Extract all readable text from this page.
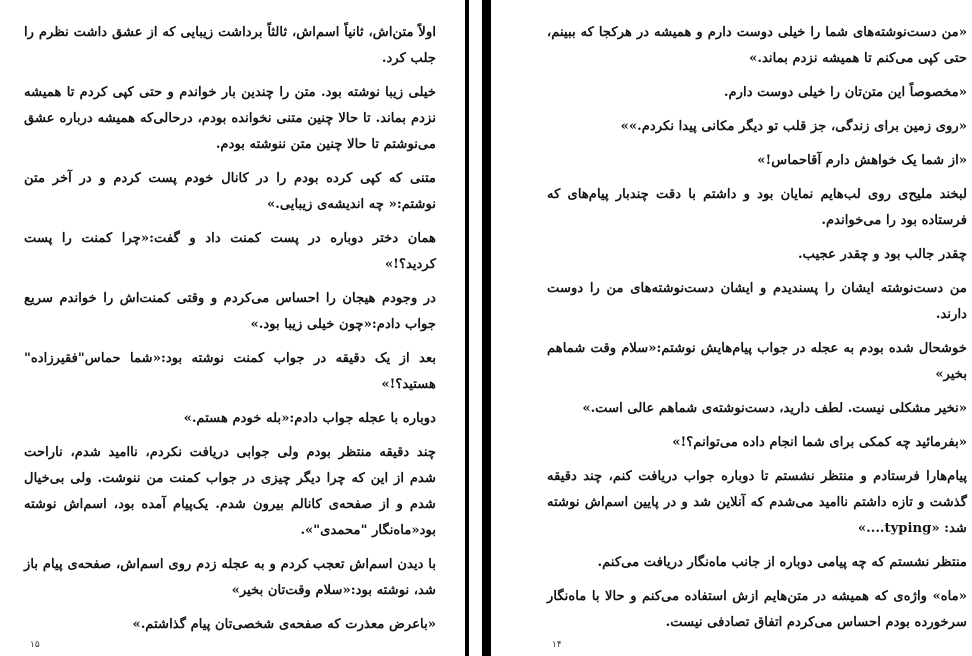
اولاً متن‌اش، ثانیاً اسم‌اش، ثالثاً برداشت زیبایی که از عشق داشت نظرم را جلب کرد.

خیلی زیبا نوشته بود. متن را چندین بار خواندم و حتی کپی کردم تا همیشه نزدم بماند. تا حالا چنین متنی نخوانده بودم، درحالی‌که همیشه درباره عشق می‌نوشتم تا حالا چنین متن ننوشته بودم.

متنی که کپی کرده بودم را در کانال خودم پست کردم و در آخر متن نوشتم:« چه اندیشه‌ی زیبایی.»

همان دختر دوباره در پست کمنت داد و گفت:«چرا کمنت را پست کردید؟!»

در وجودم هیجان را احساس می‌کردم و وقتی کمنت‌اش را خواندم سریع جواب دادم:«چون خیلی زیبا بود.»

بعد از یک دقیقه در جواب کمنت نوشته بود:«شما حماس"فقیرزاده" هستید؟!»

دوباره با عجله جواب دادم:«بله خودم هستم.»

چند دقیقه منتظر بودم ولی جوابی دریافت نکردم، ناامید شدم، ناراحت شدم از این که چرا دیگر چیزی در جواب کمنت من ننوشت. ولی بی‌خیال شدم و از صفحه‌ی کانالم بیرون شدم. یک‌پیام آمده بود، اسم‌اش نوشته بود«ماه‌نگار "محمدی"».

با دیدن اسم‌اش تعجب کردم و به عجله زدم روی اسم‌اش، صفحه‌ی پیام باز شد، نوشته بود:«سلام وقت‌تان بخیر»

«باعرض معذرت که صفحه‌ی شخصی‌تان پیام گذاشتم.»

۱۵

«من دست‌نوشته‌های شما را خیلی دوست دارم و همیشه در هرکجا که ببینم، حتی کپی می‌کنم تا همیشه نزدم بماند.»

«مخصوصاً این متن‌تان را خیلی دوست دارم.

«روی زمین برای زندگی، جز قلب تو دیگر مکانی پیدا نکردم.»»

«از شما یک خواهش دارم آقاحماس!»

لبخند ملیح‌ی روی لب‌هایم نمایان بود و داشتم با دقت چندبار پیام‌های که فرستاده بود را می‌خواندم.

چقدر جالب بود و چقدر عجیب.

من دست‌نوشته ایشان را پسندیدم و ایشان دست‌نوشته‌های من را دوست دارند.

خوشحال شده بودم به عجله در جواب پیام‌هایش نوشتم:«سلام وقت شماهم بخیر»

«نخیر مشکلی نیست. لطف دارید، دست‌نوشته‌ی شماهم عالی است.»

«بفرمائید چه کمکی برای شما انجام داده می‌توانم؟!»

پیام‌هارا فرستادم و منتظر نشستم تا دوباره جواب دریافت کنم، چند دقیقه گذشت و تازه داشتم ناامید می‌شدم که آنلاین شد و در پایین اسم‌اش نوشته شد: «typing....»

منتظر نشستم که چه پیامی دوباره از جانب ماه‌نگار دریافت می‌کنم.

«ماه» واژه‌ی که همیشه در متن‌هایم ازش استفاده می‌کنم و حالا با ماه‌نگار سرخورده بودم احساس می‌کردم اتفاق تصادفی نیست.

۱۴
